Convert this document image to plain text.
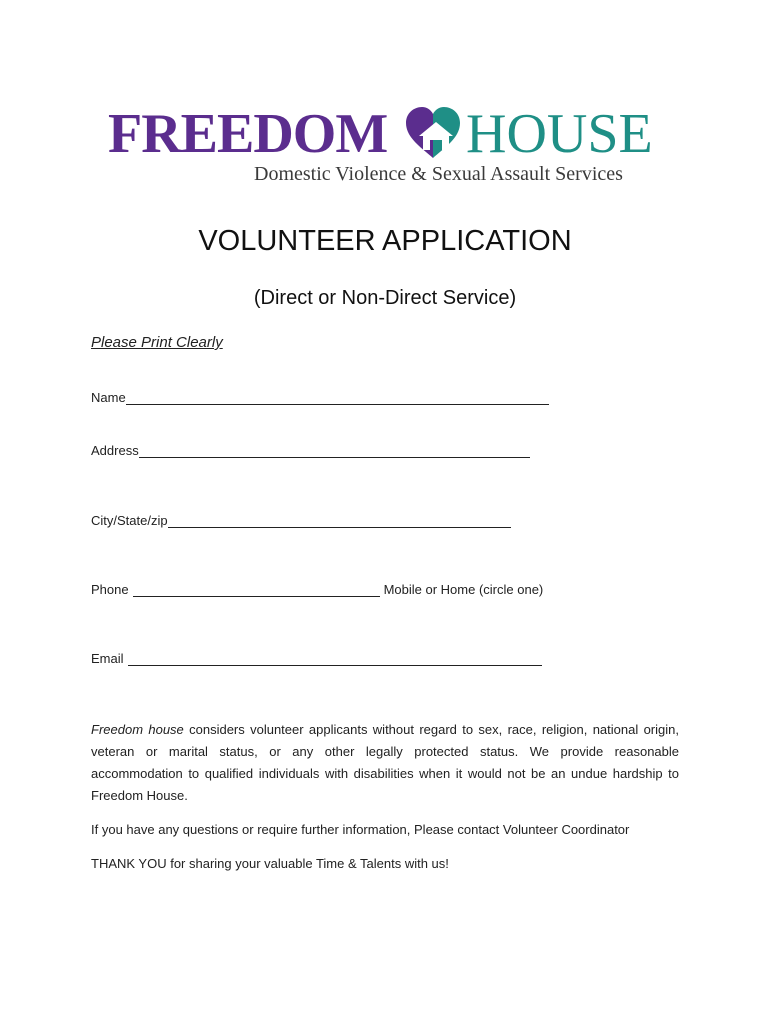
FREEDOM HOUSE
Domestic Violence & Sexual Assault Services
VOLUNTEER APPLICATION
(Direct or Non-Direct Service)
Please Print Clearly
Name
Address
City/State/zip
Phone	Mobile or Home (circle one)
Email
Freedom house considers volunteer applicants without regard to sex, race, religion, national origin, veteran or marital status, or any other legally protected status. We provide reasonable accommodation to qualified individuals with disabilities when it would not be an undue hardship to Freedom House.
If you have any questions or require further information, Please contact Volunteer Coordinator
THANK YOU for sharing your valuable Time & Talents with us!
